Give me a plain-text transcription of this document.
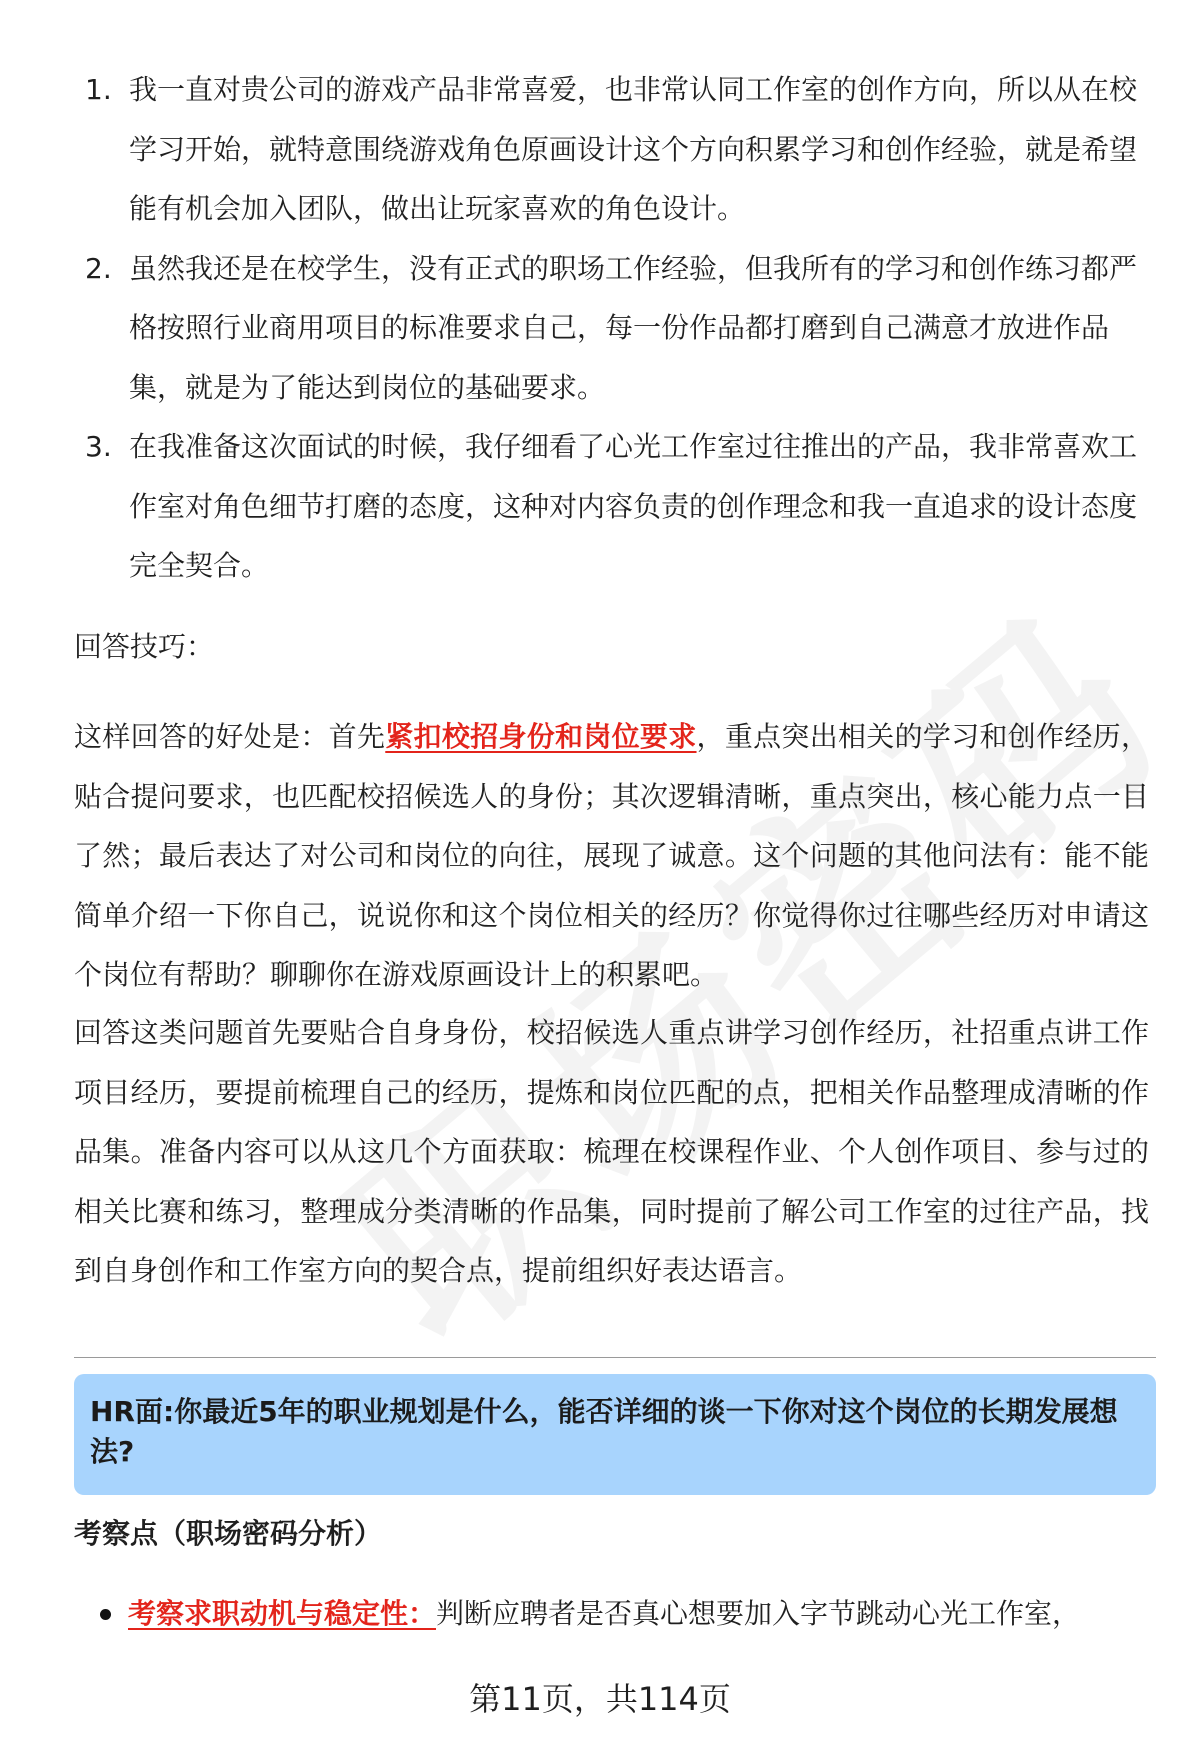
1. 我一直对贵公司的游戏产品非常喜爱，也非常认同工作室的创作方向，所以从在校学习开始，就特意围绕游戏角色原画设计这个方向积累学习和创作经验，就是希望能有机会加入团队，做出让玩家喜欢的角色设计。
2. 虽然我还是在校学生，没有正式的职场工作经验，但我所有的学习和创作练习都严格按照行业商用项目的标准要求自己，每一份作品都打磨到自己满意才放进作品集，就是为了能达到岗位的基础要求。
3. 在我准备这次面试的时候，我仔细看了心光工作室过往推出的产品，我非常喜欢工作室对角色细节打磨的态度，这种对内容负责的创作理念和我一直追求的设计态度完全契合。
回答技巧：
这样回答的好处是：首先紧扣校招身份和岗位要求，重点突出相关的学习和创作经历，贴合提问要求，也匹配校招候选人的身份；其次逻辑清晰，重点突出，核心能力点一目了然；最后表达了对公司和岗位的向往，展现了诚意。这个问题的其他问法有：能不能简单介绍一下你自己，说说你和这个岗位相关的经历？你觉得你过往哪些经历对申请这个岗位有帮助？聊聊你在游戏原画设计上的积累吧。
回答这类问题首先要贴合自身身份，校招候选人重点讲学习创作经历，社招重点讲工作项目经历，要提前梳理自己的经历，提炼和岗位匹配的点，把相关作品整理成清晰的作品集。准备内容可以从这几个方面获取：梳理在校课程作业、个人创作项目、参与过的相关比赛和练习，整理成分类清晰的作品集，同时提前了解公司工作室的过往产品，找到自身创作和工作室方向的契合点，提前组织好表达语言。
HR面:你最近5年的职业规划是什么，能否详细的谈一下你对这个岗位的长期发展想法?
考察点（职场密码分析）
考察求职动机与稳定性：判断应聘者是否真心想要加入字节跳动心光工作室，
第11页，共114页
